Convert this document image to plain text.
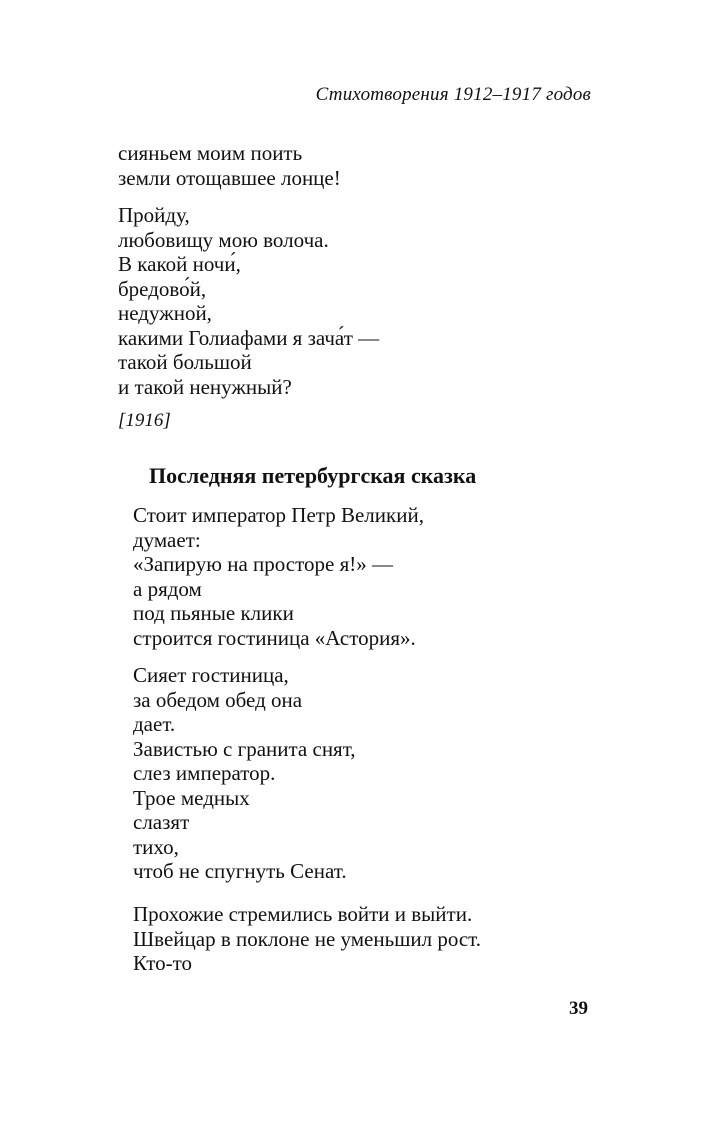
Стихотворения 1912–1917 годов

сияньем моим поить
земли отощавшее лонце!

Пройду,
любовищу мою волоча.
В какой ночи́,
бредово́й,
недужной,
какими Голиафами я зача́т —
такой большой
и такой ненужный?

[1916]
Последняя петербургская сказка

Стоит император Петр Великий,
думает:
«Запирую на просторе я!» —
а рядом
под пьяные клики
строится гостиница «Астория».

Сияет гостиница,
за обедом обед она
дает.
Завистью с гранита снят,
слез император.
Трое медных
слазят
тихо,
чтоб не спугнуть Сенат.

Прохожие стремились войти и выйти.
Швейцар в поклоне не уменьшил рост.
Кто-то

39
